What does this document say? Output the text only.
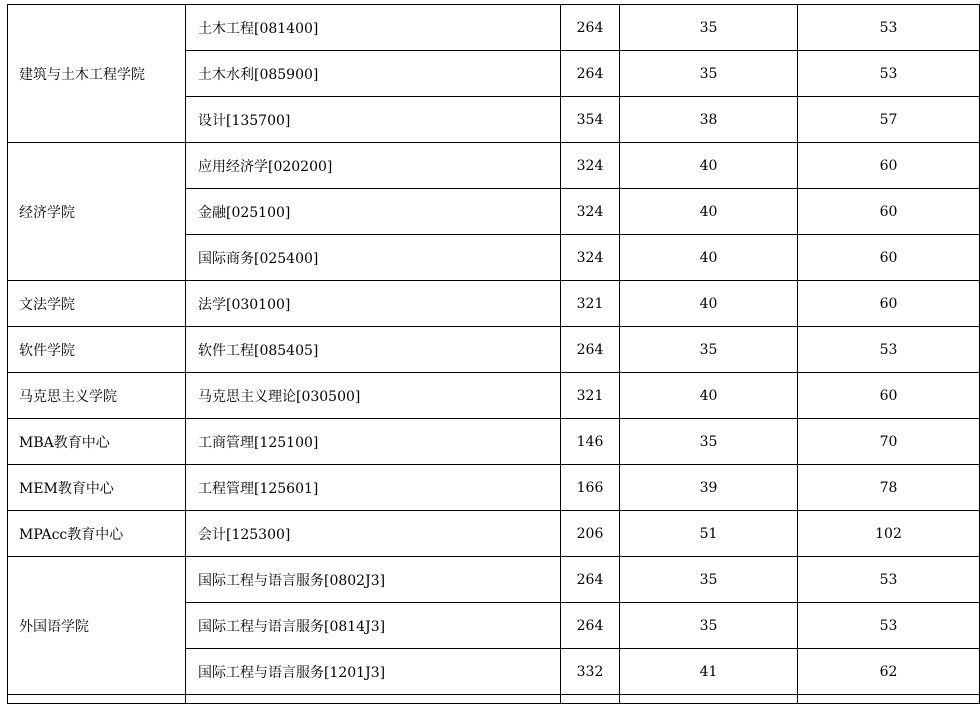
建筑与土木工程学院	土木工程[081400]	264	35	53
	土木水利[085900]	264	35	53
	设计[135700]	354	38	57
经济学院	应用经济学[020200]	324	40	60
	金融[025100]	324	40	60
	国际商务[025400]	324	40	60
文法学院	法学[030100]	321	40	60
软件学院	软件工程[085405]	264	35	53
马克思主义学院	马克思主义理论[030500]	321	40	60
MBA教育中心	工商管理[125100]	146	35	70
MEM教育中心	工程管理[125601]	166	39	78
MPAcc教育中心	会计[125300]	206	51	102
外国语学院	国际工程与语言服务[0802J3]	264	35	53
	国际工程与语言服务[0814J3]	264	35	53
	国际工程与语言服务[1201J3]	332	41	62
